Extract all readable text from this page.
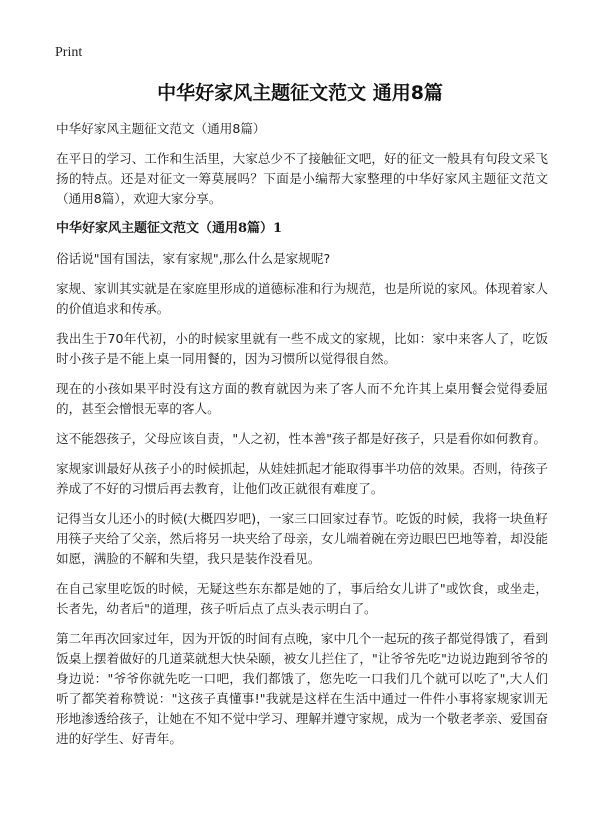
Print
中华好家风主题征文范文 通用8篇

中华好家风主题征文范文（通用8篇）

在平日的学习、工作和生活里，大家总少不了接触征文吧，好的征文一般具有句段文采飞扬的特点。还是对征文一筹莫展吗？下面是小编帮大家整理的中华好家风主题征文范文（通用8篇），欢迎大家分享。

中华好家风主题征文范文（通用8篇）1

俗话说"国有国法，家有家规",那么什么是家规呢?

家规、家训其实就是在家庭里形成的道德标准和行为规范，也是所说的家风。体现着家人的价值追求和传承。

我出生于70年代初，小的时候家里就有一些不成文的家规，比如：家中来客人了，吃饭时小孩子是不能上桌一同用餐的，因为习惯所以觉得很自然。

现在的小孩如果平时没有这方面的教育就因为来了客人而不允许其上桌用餐会觉得委屈的，甚至会憎恨无辜的客人。

这不能怨孩子，父母应该自责，"人之初，性本善"孩子都是好孩子，只是看你如何教育。

家规家训最好从孩子小的时候抓起，从娃娃抓起才能取得事半功倍的效果。否则，待孩子养成了不好的习惯后再去教育，让他们改正就很有难度了。

记得当女儿还小的时候(大概四岁吧)，一家三口回家过春节。吃饭的时候，我将一块鱼籽用筷子夹给了父亲，然后将另一块夹给了母亲，女儿端着碗在旁边眼巴巴地等着，却没能如愿，满脸的不解和失望，我只是装作没看见。

在自己家里吃饭的时候，无疑这些东东都是她的了，事后给女儿讲了"或饮食，或坐走，长者先，幼者后"的道理，孩子听后点了点头表示明白了。

第二年再次回家过年，因为开饭的时间有点晚，家中几个一起玩的孩子都觉得饿了，看到饭桌上摆着做好的几道菜就想大快朵颐，被女儿拦住了，"让爷爷先吃"边说边跑到爷爷的身边说："爷爷你就先吃一口吧，我们都饿了，您先吃一口我们几个就可以吃了",大人们听了都笑着称赞说："这孩子真懂事!"我就是这样在生活中通过一件件小事将家规家训无形地渗透给孩子，让她在不知不觉中学习、理解并遵守家规，成为一个敬老孝亲、爱国奋进的好学生、好青年。
